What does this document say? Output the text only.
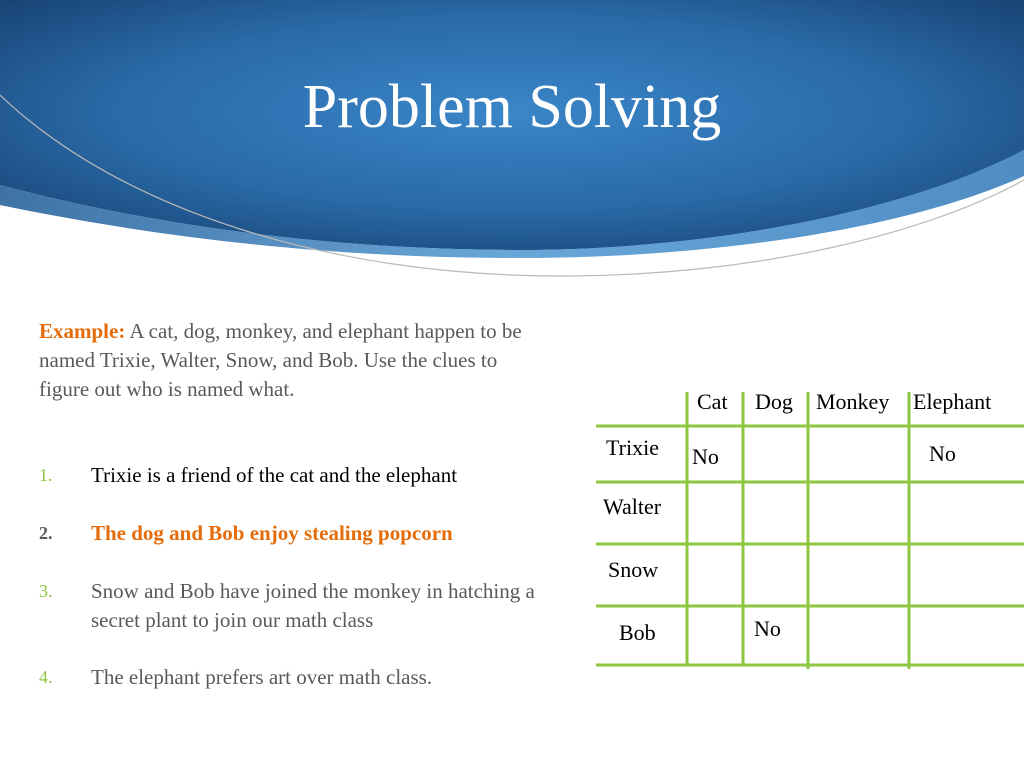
Problem Solving

Example: A cat, dog, monkey, and elephant happen to be named Trixie, Walter, Snow, and Bob. Use the clues to figure out who is named what.

1. Trixie is a friend of the cat and the elephant
2. The dog and Bob enjoy stealing popcorn
3. Snow and Bob have joined the monkey in hatching a secret plant to join our math class
4. The elephant prefers art over math class.
Cat Dog Monkey Elephant
Trixie
Walter
Snow
Bob
No	No
No
